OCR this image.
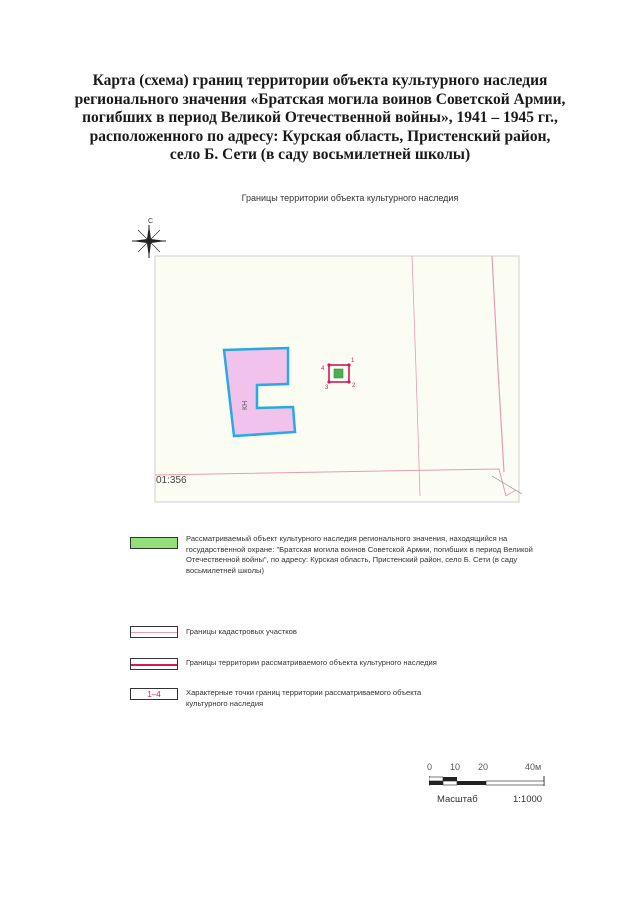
Карта (схема) границ территории объекта культурного наследия
регионального значения «Братская могила воинов Советской Армии,
погибших в период Великой Отечественной войны», 1941 – 1945 гг.,
расположенного по адресу: Курская область, Пристенский район,
село Б. Сети (в саду восьмилетней школы)
Границы территории объекта культурного наследия
С
КН
1
2
3
4
01:356
Рассматриваемый объект культурного наследия регионального значения, находящийся на государственной охране: "Братская могила воинов Советской Армии, погибших в период Великой Отечественной войны", по адресу: Курская область, Пристенский район, село Б. Сети (в саду восьмилетней школы)
Границы кадастровых участков
Границы территории рассматриваемого объекта культурного наследия
1–4	Характерные точки границ территории рассматриваемого объекта культурного наследия
0 10 20	40м
Масштаб	1:1000
